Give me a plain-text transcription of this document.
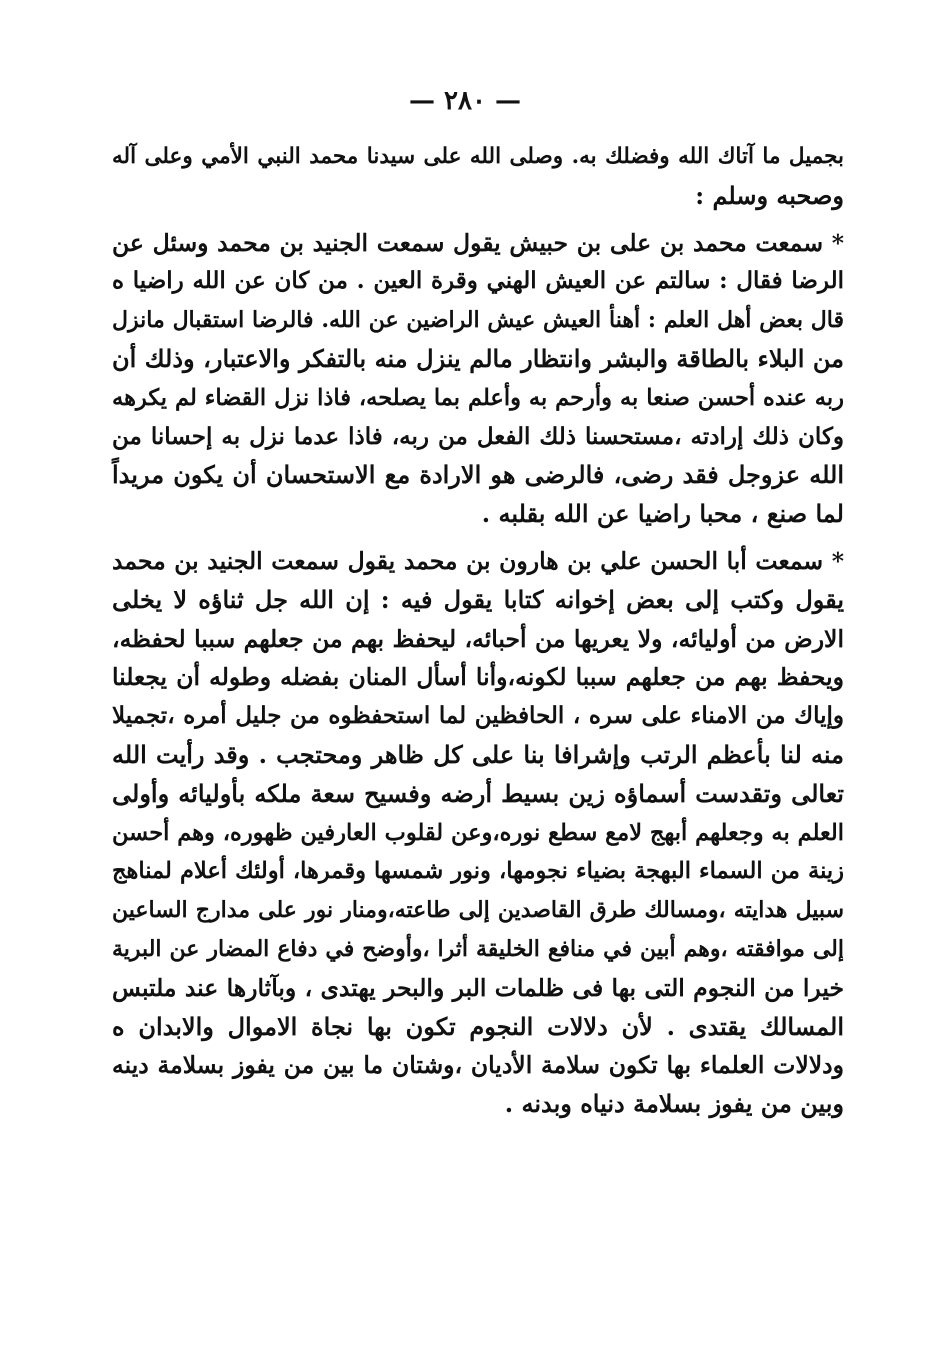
— ٢٨٠ —
بجميل ما آتاك الله وفضلك به. وصلى الله على سيدنا محمد النبي الأمي وعلى آله
وصحبه وسلم :
* سمعت محمد بن على بن حبيش يقول سمعت الجنيد بن محمد وسئل عن
الرضا فقال : سالتم عن العيش الهني وقرة العين . من كان عن الله راضيا ه
قال بعض أهل العلم : أهنأ العيش عيش الراضين عن الله. فالرضا استقبال مانزل
من البلاء بالطاقة والبشر وانتظار مالم ينزل منه بالتفكر والاعتبار، وذلك أن
ربه عنده أحسن صنعا به وأرحم به وأعلم بما يصلحه، فاذا نزل القضاء لم يكرهه
وكان ذلك إرادته ،مستحسنا ذلك الفعل من ربه، فاذا عدما نزل به إحسانا من
الله عزوجل فقد رضى، فالرضى هو الارادة مع الاستحسان أن يكون مريداً
لما صنع ، محبا راضيا عن الله بقلبه .
* سمعت أبا الحسن علي بن هارون بن محمد يقول سمعت الجنيد بن محمد
يقول وكتب إلى بعض إخوانه كتابا يقول فيه : إن الله جل ثناؤه لا يخلى
الارض من أوليائه، ولا يعريها من أحبائه، ليحفظ بهم من جعلهم سببا لحفظه،
ويحفظ بهم من جعلهم سببا لكونه،وأنا أسأل المنان بفضله وطوله أن يجعلنا
وإياك من الامناء على سره ، الحافظين لما استحفظوه من جليل أمره ،تجميلا
منه لنا بأعظم الرتب وإشرافا بنا على كل ظاهر ومحتجب . وقد رأيت الله
تعالى وتقدست أسماؤه زين بسيط أرضه وفسيح سعة ملكه بأوليائه وأولى
العلم به وجعلهم أبهج لامع سطع نوره،وعن لقلوب العارفين ظهوره، وهم أحسن
زينة من السماء البهجة بضياء نجومها، ونور شمسها وقمرها، أولئك أعلام لمناهج
سبيل هدايته ،ومسالك طرق القاصدين إلى طاعته،ومنار نور على مدارج الساعين
إلى موافقته ،وهم أبين في منافع الخليقة أثرا ،وأوضح في دفاع المضار عن البرية
خيرا من النجوم التى بها فى ظلمات البر والبحر يهتدى ، وبآثارها عند ملتبس
المسالك يقتدى . لأن دلالات النجوم تكون بها نجاة الاموال والابدان ه
ودلالات العلماء بها تكون سلامة الأديان ،وشتان ما بين من يفوز بسلامة دينه
وبين من يفوز بسلامة دنياه وبدنه .
